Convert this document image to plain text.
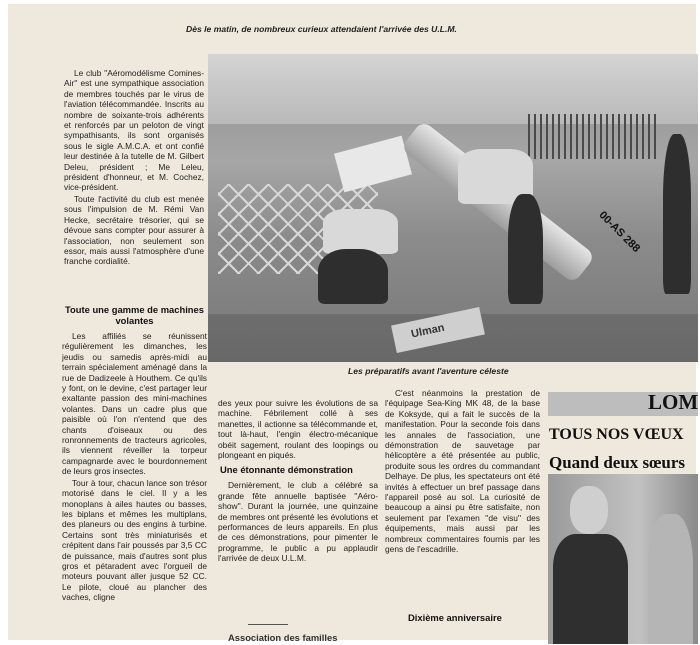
Dès le matin, de nombreux curieux attendaient l'arrivée des U.L.M.

Le club ''Aéromodélisme Comines-Air'' est une sympathique association de membres touchés par le virus de l'aviation télécommandée. Inscrits au nombre de soixante-trois adhérents et renforcés par un peloton de vingt sympathisants, ils sont organisés sous le sigle A.M.C.A. et ont confié leur destinée à la tutelle de M. Gilbert Deleu, président ; Me Leleu, président d'honneur, et M. Cochez, vice-président.

Toute l'activité du club est menée sous l'impulsion de M. Rémi Van Hecke, secrétaire trésorier, qui se dévoue sans compter pour assurer à l'association, non seulement son essor, mais aussi l'atmosphère d'une franche cordialité.

Toute une gamme de machines volantes

Les affiliés se réunissent régulièrement les dimanches, les jeudis ou samedis après-midi au terrain spécialement aménagé dans la rue de Dadizeele à Houthem. Ce qu'ils y font, on le devine, c'est partager leur exaltante passion des mini-machines volantes. Dans un cadre plus que paisible où l'on n'entend que des chants d'oiseaux ou des ronronnements de tracteurs agricoles, ils viennent réveiller la torpeur campagnarde avec le bourdonnement de leurs gros insectes.

Tour à tour, chacun lance son trésor motorisé dans le ciel. Il y a les monoplans à ailes hautes ou basses, les biplans et mêmes les multiplans, des planeurs ou des engins à turbine. Certains sont très miniaturisés et crépitent dans l'air poussés par 3,5 CC de puissance, mais d'autres sont plus gros et pétaradent avec l'orgueil de moteurs pouvant aller jusque 52 CC. Le pilote, cloué au plancher des vaches, cligne

00-AS 288
Ulman
Les préparatifs avant l'aventure céleste

des yeux pour suivre les évolutions de sa machine. Fébrilement collé à ses manettes, il actionne sa télécommande et, tout là-haut, l'engin électro-mécanique obéit sagement, roulant des loopings ou plongeant en piqués.

Une étonnante démonstration

Dernièrement, le club a célébré sa grande fête annuelle baptisée ''Aéro-show''. Durant la journée, une quinzaine de membres ont présenté les évolutions et performances de leurs appareils. En plus de ces démonstrations, pour pimenter le programme, le public a pu applaudir l'arrivée de deux U.L.M.

Association des familles

C'est néanmoins la prestation de l'équipage Sea-King MK 48, de la base de Koksyde, qui a fait le succès de la manifestation. Pour la seconde fois dans les annales de l'association, une démonstration de sauvetage par hélicoptère a été présentée au public, produite sous les ordres du commandant Delhaye. De plus, les spectateurs ont été invités à effectuer un bref passage dans l'appareil posé au sol. La curiosité de beaucoup a ainsi pu être satisfaite, non seulement par l'examen ''de visu'' des équipements, mais aussi par les nombreux commentaires fournis par les gens de l'escadrille.

Dixième anniversaire
LOM
TOUS NOS VŒUX
Quand deux sœurs
